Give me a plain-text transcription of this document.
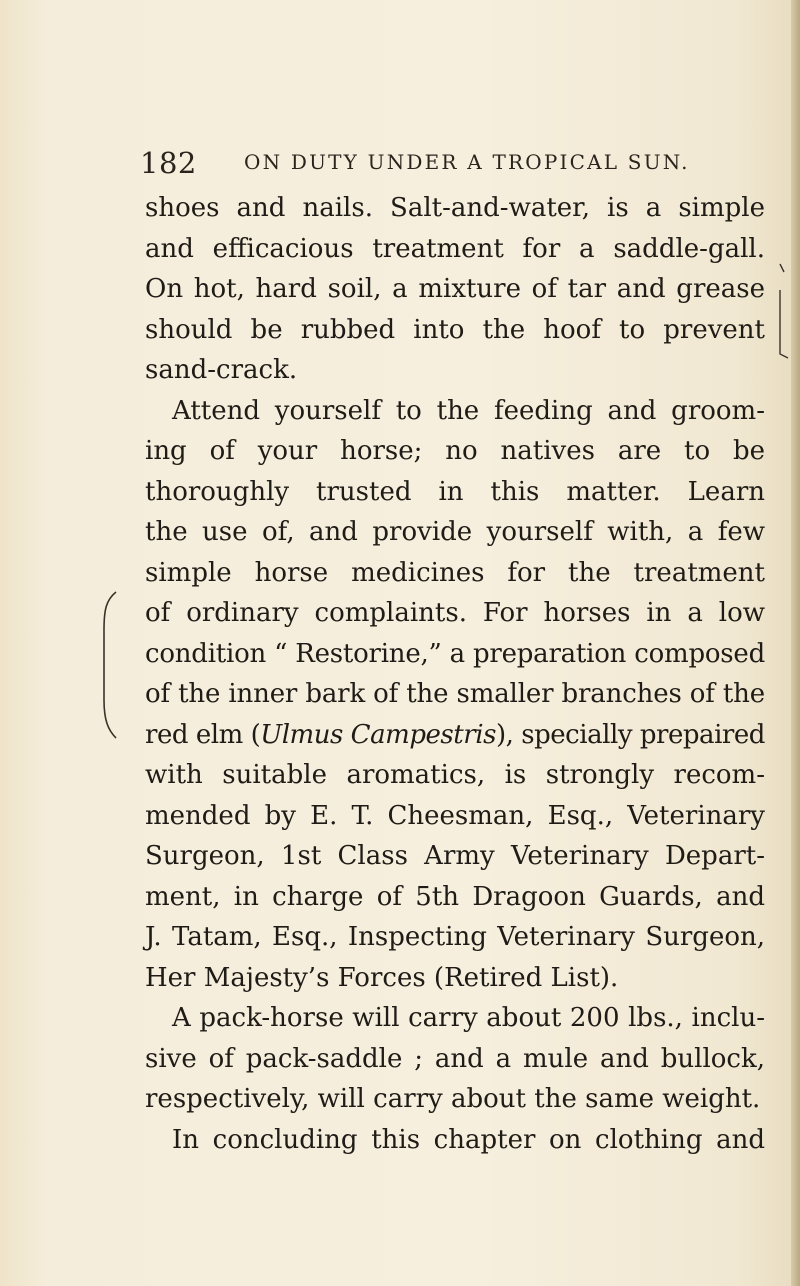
182 ON DUTY UNDER A TROPICAL SUN.
shoes and nails. Salt-and-water, is a simple
and efficacious treatment for a saddle-gall.
On hot, hard soil, a mixture of tar and grease
should be rubbed into the hoof to prevent
sand-crack.
Attend yourself to the feeding and groom-
ing of your horse; no natives are to be
thoroughly trusted in this matter. Learn
the use of, and provide yourself with, a few
simple horse medicines for the treatment
of ordinary complaints. For horses in a low
condition “ Restorine,” a preparation composed
of the inner bark of the smaller branches of the
red elm (Ulmus Campestris), specially prepaired
with suitable aromatics, is strongly recom-
mended by E. T. Cheesman, Esq., Veterinary
Surgeon, 1st Class Army Veterinary Depart-
ment, in charge of 5th Dragoon Guards, and
J. Tatam, Esq., Inspecting Veterinary Surgeon,
Her Majesty’s Forces (Retired List).
A pack-horse will carry about 200 lbs., inclu-
sive of pack-saddle ; and a mule and bullock,
respectively, will carry about the same weight.
In concluding this chapter on clothing and
